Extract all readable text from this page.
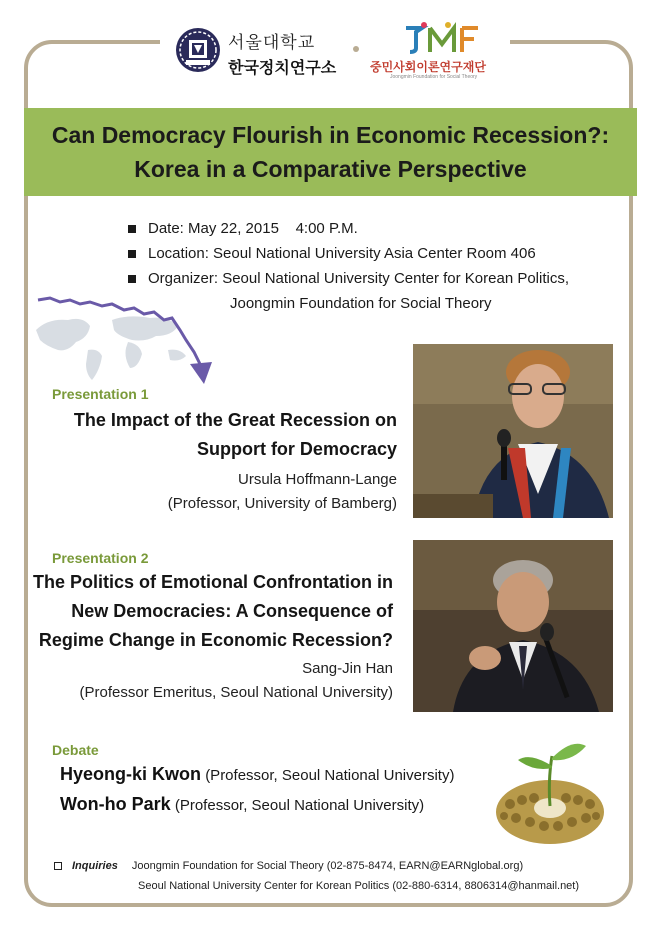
서울대학교
한국정치연구소	중민사회이론연구재단
Joongmin Foundation for Social Theory
Can Democracy Flourish in Economic Recession?:
Korea in a Comparative Perspective
Date: May 22, 2015    4:00 P.M.
Location: Seoul National University Asia Center Room 406
Organizer: Seoul National University Center for Korean Politics,
Joongmin Foundation for Social Theory
Presentation 1
The Impact of the Great Recession on
Support for Democracy
Ursula Hoffmann-Lange
(Professor, University of Bamberg)
Presentation 2
The Politics of Emotional Confrontation in
New Democracies: A Consequence of
Regime Change in Economic Recession?
Sang-Jin Han
(Professor Emeritus, Seoul National University)
Debate
Hyeong-ki Kwon (Professor, Seoul National University)
Won-ho Park (Professor, Seoul National University)
Inquiries Joongmin Foundation for Social Theory (02-875-8474, EARN@EARNglobal.org)
Seoul National University Center for Korean Politics (02-880-6314, 8806314@hanmail.net)
